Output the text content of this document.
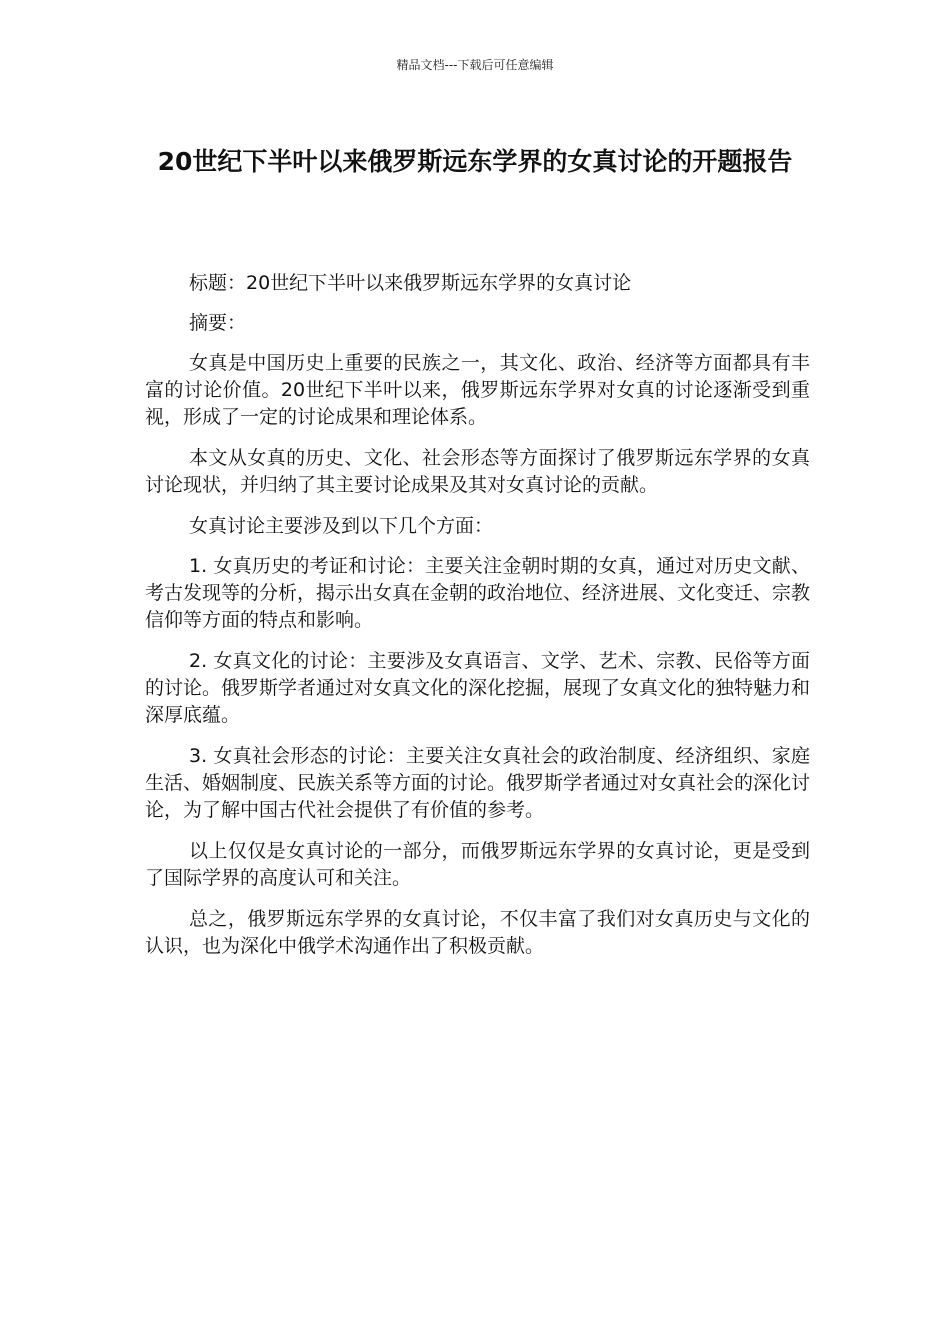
精品文档---下载后可任意编辑
20世纪下半叶以来俄罗斯远东学界的女真讨论的开题报告

标题：20世纪下半叶以来俄罗斯远东学界的女真讨论

摘要：

女真是中国历史上重要的民族之一，其文化、政治、经济等方面都具有丰富的讨论价值。20世纪下半叶以来，俄罗斯远东学界对女真的讨论逐渐受到重视，形成了一定的讨论成果和理论体系。

本文从女真的历史、文化、社会形态等方面探讨了俄罗斯远东学界的女真讨论现状，并归纳了其主要讨论成果及其对女真讨论的贡献。

女真讨论主要涉及到以下几个方面：

1. 女真历史的考证和讨论：主要关注金朝时期的女真，通过对历史文献、考古发现等的分析，揭示出女真在金朝的政治地位、经济进展、文化变迁、宗教信仰等方面的特点和影响。

2. 女真文化的讨论：主要涉及女真语言、文学、艺术、宗教、民俗等方面的讨论。俄罗斯学者通过对女真文化的深化挖掘，展现了女真文化的独特魅力和深厚底蕴。

3. 女真社会形态的讨论：主要关注女真社会的政治制度、经济组织、家庭生活、婚姻制度、民族关系等方面的讨论。俄罗斯学者通过对女真社会的深化讨论，为了解中国古代社会提供了有价值的参考。

以上仅仅是女真讨论的一部分，而俄罗斯远东学界的女真讨论，更是受到了国际学界的高度认可和关注。

总之，俄罗斯远东学界的女真讨论，不仅丰富了我们对女真历史与文化的认识，也为深化中俄学术沟通作出了积极贡献。
